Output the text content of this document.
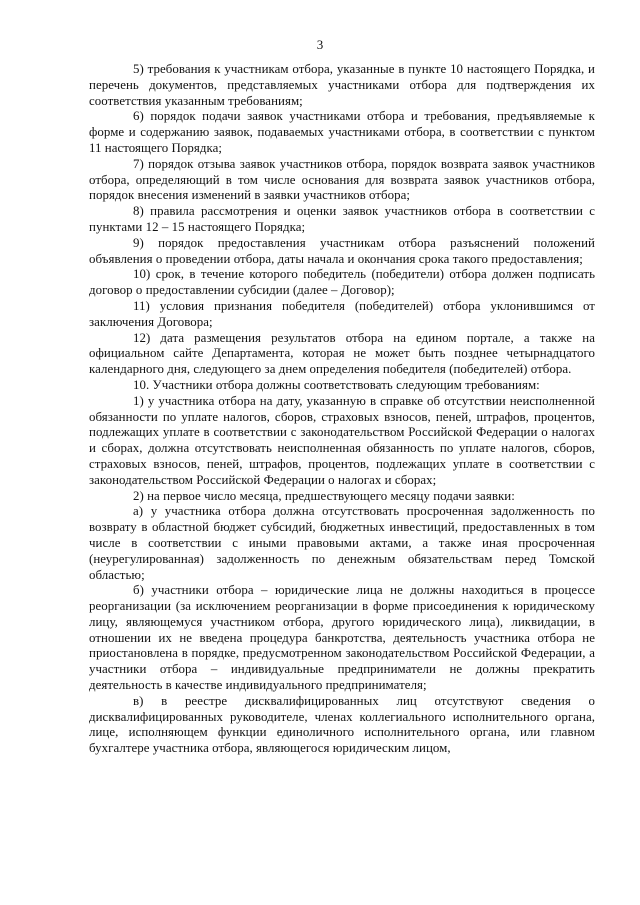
3

5) требования к участникам отбора, указанные в пункте 10 настоящего Порядка, и перечень документов, представляемых участниками отбора для подтверждения их соответствия указанным требованиям;

6) порядок подачи заявок участниками отбора и требования, предъявляемые к форме и содержанию заявок, подаваемых участниками отбора, в соответствии с пунктом 11 настоящего Порядка;

7) порядок отзыва заявок участников отбора, порядок возврата заявок участников отбора, определяющий в том числе основания для возврата заявок участников отбора, порядок внесения изменений в заявки участников отбора;

8) правила рассмотрения и оценки заявок участников отбора в соответствии с пунктами 12 – 15 настоящего Порядка;

9) порядок предоставления участникам отбора разъяснений положений объявления о проведении отбора, даты начала и окончания срока такого предоставления;

10) срок, в течение которого победитель (победители) отбора должен подписать договор о предоставлении субсидии (далее – Договор);

11) условия признания победителя (победителей) отбора уклонившимся от заключения Договора;

12) дата размещения результатов отбора на едином портале, а также на официальном сайте Департамента, которая не может быть позднее четырнадцатого календарного дня, следующего за днем определения победителя (победителей) отбора.

10. Участники отбора должны соответствовать следующим требованиям:

1) у участника отбора на дату, указанную в справке об отсутствии неисполненной обязанности по уплате налогов, сборов, страховых взносов, пеней, штрафов, процентов, подлежащих уплате в соответствии с законодательством Российской Федерации о налогах и сборах, должна отсутствовать неисполненная обязанность по уплате налогов, сборов, страховых взносов, пеней, штрафов, процентов, подлежащих уплате в соответствии с законодательством Российской Федерации о налогах и сборах;

2) на первое число месяца, предшествующего месяцу подачи заявки:

а) у участника отбора должна отсутствовать просроченная задолженность по возврату в областной бюджет субсидий, бюджетных инвестиций, предоставленных в том числе в соответствии с иными правовыми актами, а также иная просроченная (неурегулированная) задолженность по денежным обязательствам перед Томской областью;

б) участники отбора – юридические лица не должны находиться в процессе реорганизации (за исключением реорганизации в форме присоединения к юридическому лицу, являющемуся участником отбора, другого юридического лица), ликвидации, в отношении их не введена процедура банкротства, деятельность участника отбора не приостановлена в порядке, предусмотренном законодательством Российской Федерации, а участники отбора – индивидуальные предприниматели не должны прекратить деятельность в качестве индивидуального предпринимателя;

в) в реестре дисквалифицированных лиц отсутствуют сведения о дисквалифицированных руководителе, членах коллегиального исполнительного органа, лице, исполняющем функции единоличного исполнительного органа, или главном бухгалтере участника отбора, являющегося юридическим лицом,
